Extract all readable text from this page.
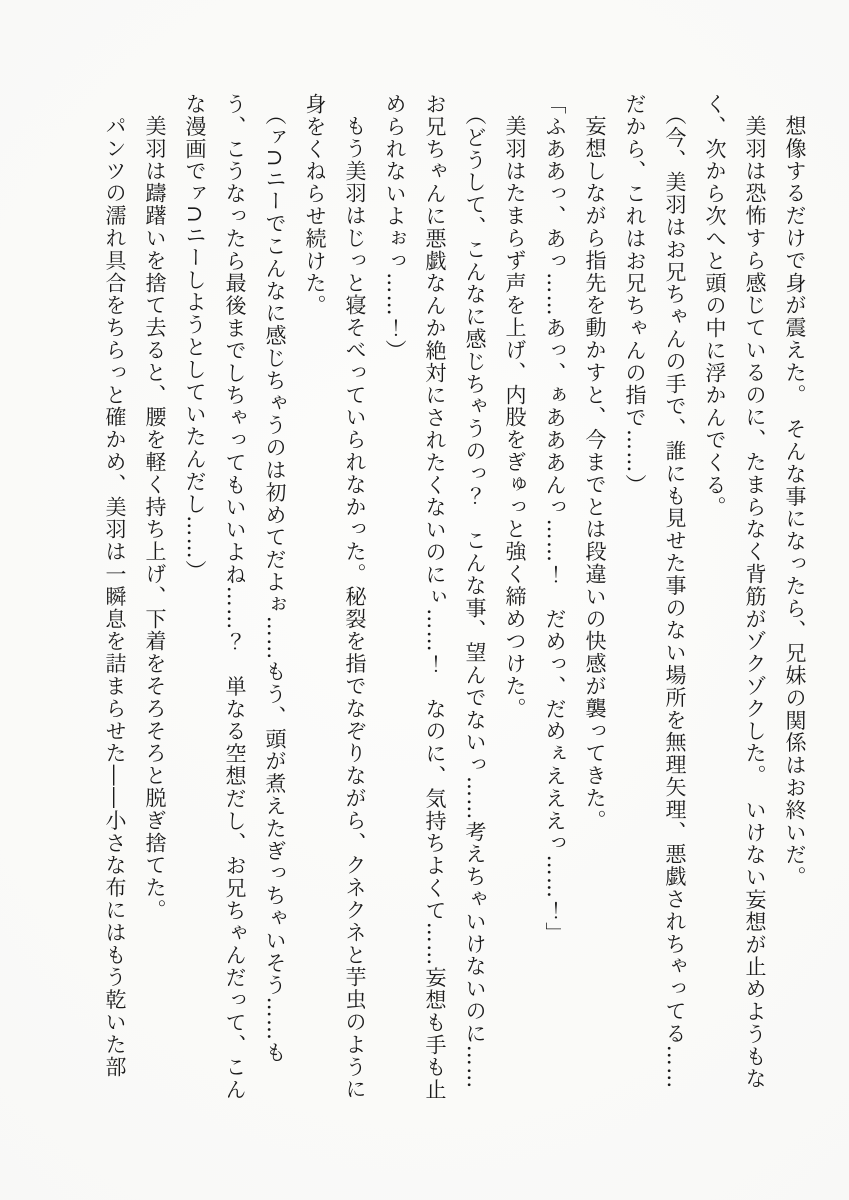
想像するだけで身が震えた。　そんな事になったら、兄妹の関係はお終いだ。

美羽は恐怖すら感じているのに、たまらなく背筋がゾクゾクした。　いけない妄想が止めようもなく、次から次へと頭の中に浮かんでくる。

（今、美羽はお兄ちゃんの手で、誰にも見せた事のない場所を無理矢理、悪戯されちゃってる……だから、これはお兄ちゃんの指で……）

妄想しながら指先を動かすと、今までとは段違いの快感が襲ってきた。

「ふああっ、あっ……あっ、ぁあああんっ……！　だめっ、だめぇえええっ……！」

美羽はたまらず声を上げ、内股をぎゅっと強く締めつけた。

（どうして、こんなに感じちゃうのっ？　こんな事、望んでないっ……考えちゃいけないのに……お兄ちゃんに悪戯なんか絶対にされたくないのにぃ……！　なのに、気持ちよくて……妄想も手も止められないよぉっ……！）

もう美羽はじっと寝そべっていられなかった。秘裂を指でなぞりながら、クネクネと芋虫のように身をくねらせ続けた。

（ァ∩ニーでこんなに感じちゃうのは初めてだよぉ……もう、頭が煮えたぎっちゃいそう……もう、こうなったら最後までしちゃってもいいよね……？　単なる空想だし、お兄ちゃんだって、こんな漫画でァ∩ニーしようとしていたんだし……）

美羽は躊躇いを捨て去ると、腰を軽く持ち上げ、下着をそろそろと脱ぎ捨てた。

パンツの濡れ具合をちらっと確かめ、美羽は一瞬息を詰まらせた――小さな布にはもう乾いた部
